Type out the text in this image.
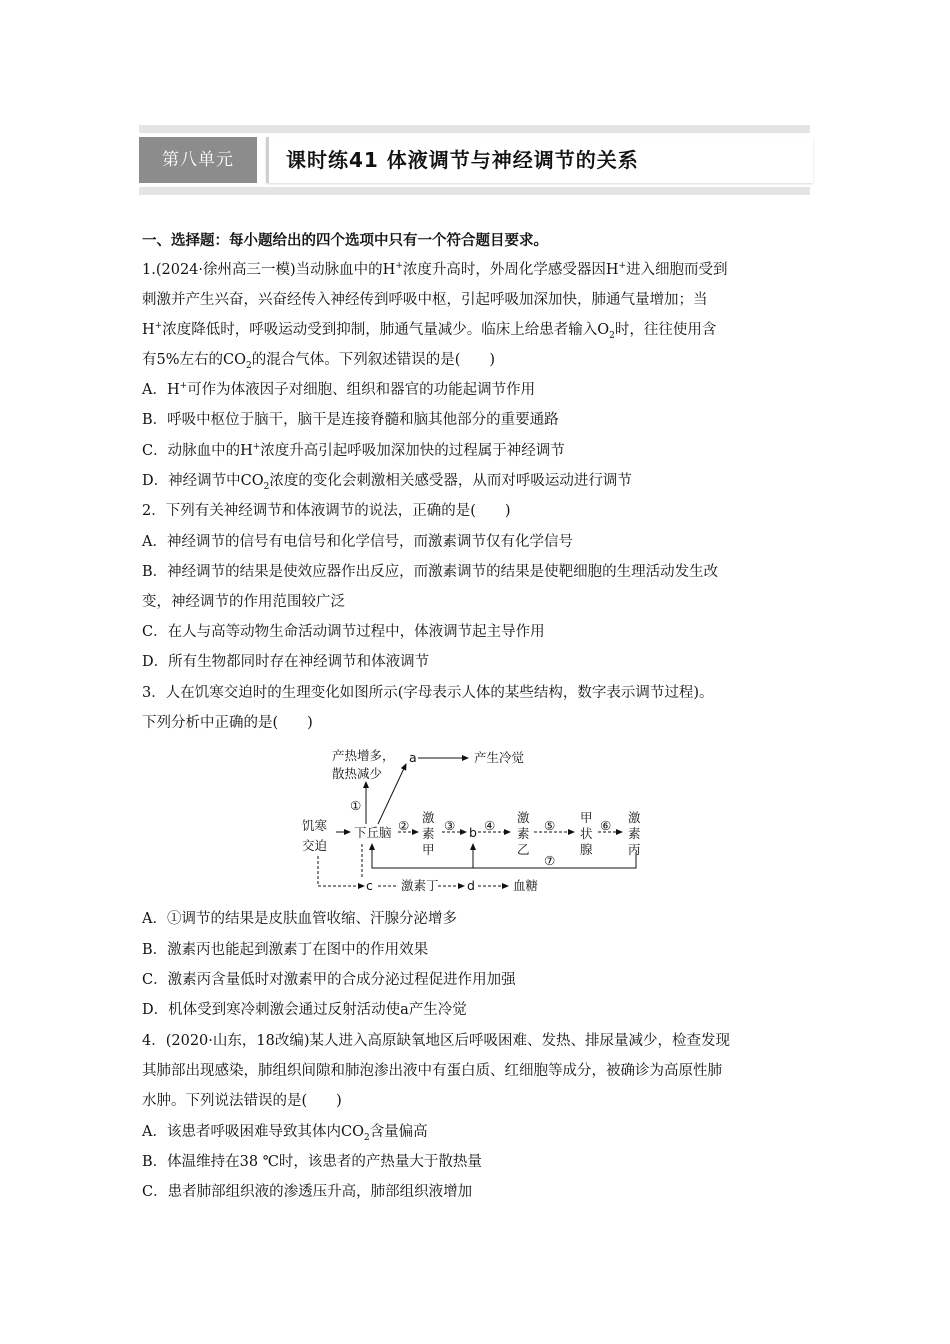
第八单元	课时练41 体液调节与神经调节的关系
一、选择题：每小题给出的四个选项中只有一个符合题目要求。
1.(2024·徐州高三一模)当动脉血中的H+浓度升高时，外周化学感受器因H+进入细胞而受到
刺激并产生兴奋，兴奋经传入神经传到呼吸中枢，引起呼吸加深加快，肺通气量增加；当
H+浓度降低时，呼吸运动受到抑制，肺通气量减少。临床上给患者输入$O_2$时，往往使用含
有5%左右的$CO_2$的混合气体。下列叙述错误的是(　　)
A．H+可作为体液因子对细胞、组织和器官的功能起调节作用
B．呼吸中枢位于脑干，脑干是连接脊髓和脑其他部分的重要通路
C．动脉血中的H+浓度升高引起呼吸加深加快的过程属于神经调节
D．神经调节中$CO_2$浓度的变化会刺激相关感受器，从而对呼吸运动进行调节
2．下列有关神经调节和体液调节的说法，正确的是(　　)
A．神经调节的信号有电信号和化学信号，而激素调节仅有化学信号
B．神经调节的结果是使效应器作出反应，而激素调节的结果是使靶细胞的生理活动发生改
变，神经调节的作用范围较广泛
C．在人与高等动物生命活动调节过程中，体液调节起主导作用
D．所有生物都同时存在神经调节和体液调节
3．人在饥寒交迫时的生理变化如图所示(字母表示人体的某些结构，数字表示调节过程)。
下列分析中正确的是(　　)
A．①调节的结果是皮肤血管收缩、汗腺分泌增多
B．激素丙也能起到激素丁在图中的作用效果
C．激素丙含量低时对激素甲的合成分泌过程促进作用加强
D．机体受到寒冷刺激会通过反射活动使a产生冷觉
4．(2020·山东，18改编)某人进入高原缺氧地区后呼吸困难、发热、排尿量减少，检查发现
其肺部出现感染，肺组织间隙和肺泡渗出液中有蛋白质、红细胞等成分，被确诊为高原性肺
水肿。下列说法错误的是(　　)
A．该患者呼吸困难导致其体内$CO_2$含量偏高
B．体温维持在38 ℃时，该患者的产热量大于散热量
C．患者肺部组织液的渗透压升高，肺部组织液增加
产热增多，
散热减少
a	产生冷觉
①
饥寒
交迫
下丘脑 ②
激
素
甲
③ b ④
激
素
乙
⑤
甲
状
腺
⑥
激
素
丙
⑦
c 激素丁 d	血糖
